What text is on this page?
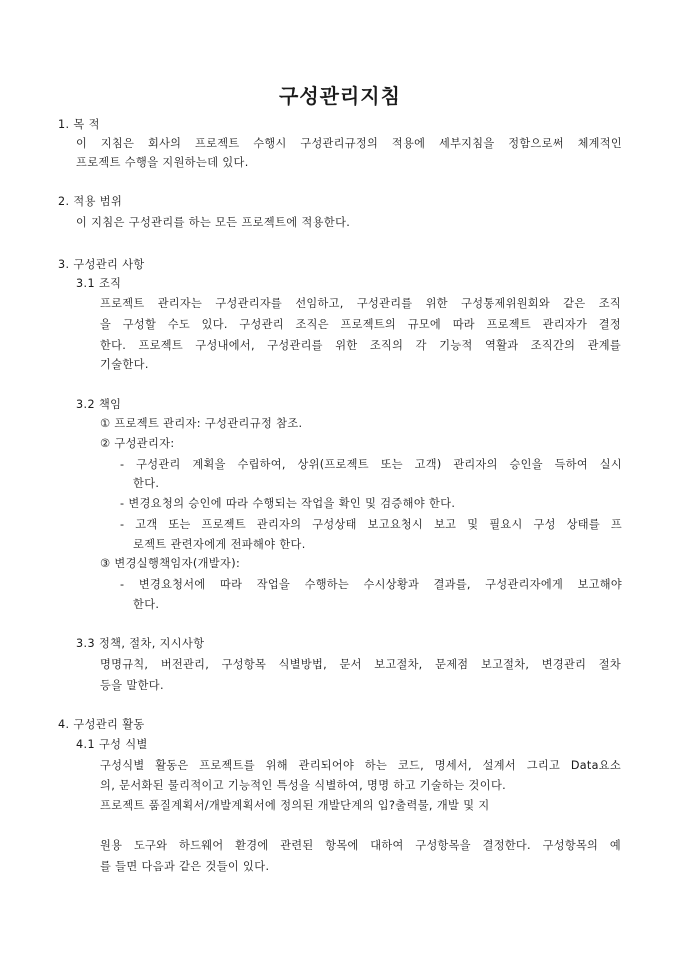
구성관리지침
1. 목 적
이 지침은 회사의 프로젝트 수행시 구성관리규정의 적용에 세부지침을 정함으로써 체계적인
프로젝트 수행을 지원하는데 있다.
2. 적용 범위
이 지침은 구성관리를 하는 모든 프로젝트에 적용한다.
3. 구성관리 사항
3.1 조직
프로젝트 관리자는 구성관리자를 선임하고, 구성관리를 위한 구성통제위원회와 같은 조직
을 구성할 수도 있다. 구성관리 조직은 프로젝트의 규모에 따라 프로젝트 관리자가 결정
한다. 프로젝트 구성내에서, 구성관리를 위한 조직의 각 기능적 역활과 조직간의 관계를
기술한다.
3.2 책임
① 프로젝트 관리자: 구성관리규정 참조.
② 구성관리자:
- 구성관리 계획을 수립하여, 상위(프로젝트 또는 고객) 관리자의 승인을 득하여 실시
한다.
- 변경요청의 승인에 따라 수행되는 작업을 확인 및 검증해야 한다.
- 고객 또는 프로젝트 관리자의 구성상태 보고요청시 보고 및 필요시 구성 상태를 프
로젝트 관련자에게 전파해야 한다.
③ 변경실행책임자(개발자):
- 변경요청서에 따라 작업을 수행하는 수시상황과 결과를, 구성관리자에게 보고해야
한다.
3.3 정책, 절차, 지시사항
명명규칙, 버전관리, 구성항목 식별방법, 문서 보고절차, 문제점 보고절차, 변경관리 절차
등을 말한다.
4. 구성관리 활동
4.1 구성 식별
구성식별 활동은 프로젝트를 위해 관리되어야 하는 코드, 명세서, 설계서 그리고 Data요소
의, 문서화된 물리적이고 기능적인 특성을 식별하여, 명명 하고 기술하는 것이다.
프로젝트 품질계획서/개발계획서에 정의된 개발단계의 입?출력물, 개발 및 지
원용 도구와 하드웨어 환경에 관련된 항목에 대하여 구성항목을 결정한다. 구성항목의 예
를 들면 다음과 같은 것들이 있다.
